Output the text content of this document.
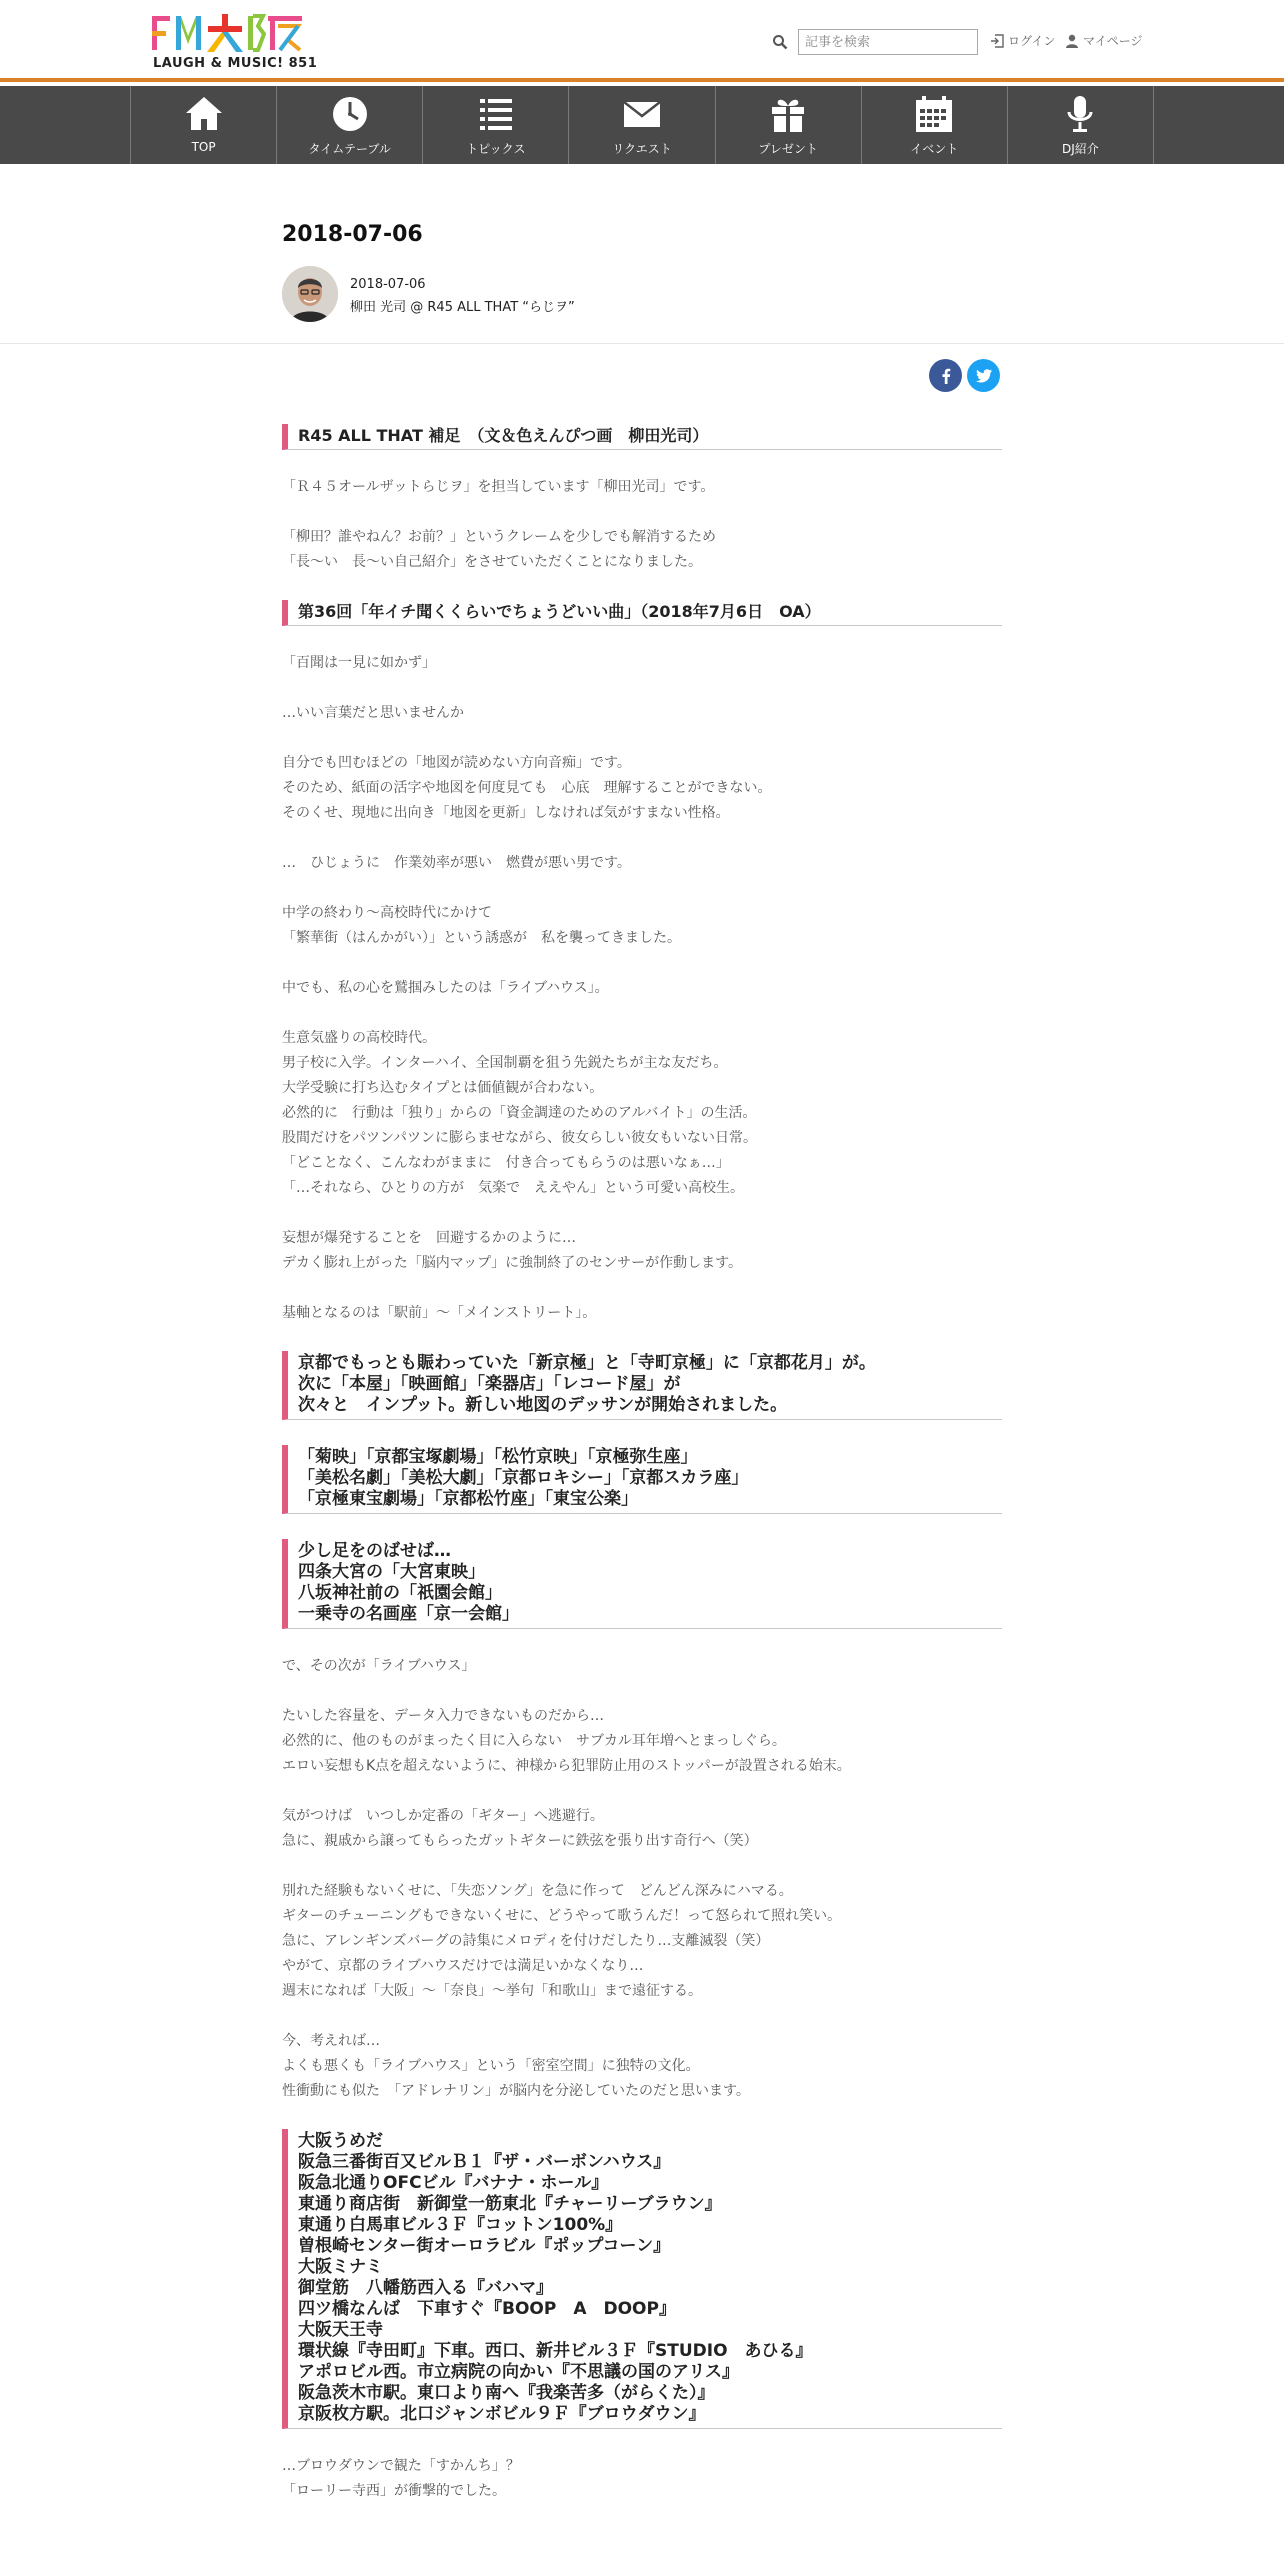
LAUGH & MUSIC! 851
記事を検索
ログイン マイページ
TOP	タイムテーブル	トピックス	リクエスト	プレゼント	イベント	DJ紹介
2018-07-06
2018-07-06
柳田 光司 @ R45 ALL THAT “らじヲ”
R45 ALL THAT 補足　（文＆色えんぴつ画　柳田光司）
「Ｒ４５オールザットらじヲ」を担当しています「柳田光司」です。
「柳田？誰やねん？お前？」というクレームを少しでも解消するため
「長～い　長～い自己紹介」をさせていただくことになりました。
第36回「年イチ聞くくらいでちょうどいい曲」（2018年7月6日　OA）
「百聞は一見に如かず」
…いい言葉だと思いませんか
自分でも凹むほどの「地図が読めない方向音痴」です。
そのため、紙面の活字や地図を何度見ても　心底　理解することができない。
そのくせ、現地に出向き「地図を更新」しなければ気がすまない性格。
…　ひじょうに　作業効率が悪い　燃費が悪い男です。
中学の終わり～高校時代にかけて
「繁華街（はんかがい）」という誘惑が　私を襲ってきました。
中でも、私の心を鷲掴みしたのは「ライブハウス」。
生意気盛りの高校時代。
男子校に入学。インターハイ、全国制覇を狙う先鋭たちが主な友だち。
大学受験に打ち込むタイプとは価値観が合わない。
必然的に　行動は「独り」からの「資金調達のためのアルバイト」の生活。
股間だけをパツンパツンに膨らませながら、彼女らしい彼女もいない日常。
「どことなく、こんなわがままに　付き合ってもらうのは悪いなぁ…」
「…それなら、ひとりの方が　気楽で　ええやん」という可愛い高校生。
妄想が爆発することを　回避するかのように…
デカく膨れ上がった「脳内マップ」に強制終了のセンサーが作動します。
基軸となるのは「駅前」～「メインストリート」。
京都でもっとも賑わっていた「新京極」と「寺町京極」に「京都花月」が。
次に「本屋」「映画館」「楽器店」「レコード屋」が
次々と　インプット。新しい地図のデッサンが開始されました。
「菊映」「京都宝塚劇場」「松竹京映」「京極弥生座」
「美松名劇」「美松大劇」「京都ロキシー」「京都スカラ座」
「京極東宝劇場」「京都松竹座」「東宝公楽」
少し足をのばせば…
四条大宮の「大宮東映」
八坂神社前の「祇園会館」
一乗寺の名画座「京一会館」
で、その次が「ライブハウス」
たいした容量を、データ入力できないものだから…
必然的に、他のものがまったく目に入らない　サブカル耳年増へとまっしぐら。
エロい妄想もK点を超えないように、神様から犯罪防止用のストッパーが設置される始末。
気がつけば　いつしか定番の「ギター」へ逃避行。
急に、親戚から譲ってもらったガットギターに鉄弦を張り出す奇行へ（笑）
別れた経験もないくせに、「失恋ソング」を急に作って　どんどん深みにハマる。
ギターのチューニングもできないくせに、どうやって歌うんだ！って怒られて照れ笑い。
急に、アレンギンズバーグの詩集にメロディを付けだしたり…支離滅裂（笑）
やがて、京都のライブハウスだけでは満足いかなくなり…
週末になれば「大阪」～「奈良」～挙句「和歌山」まで遠征する。
今、考えれば…
よくも悪くも「ライブハウス」という「密室空間」に独特の文化。
性衝動にも似た　「アドレナリン」が脳内を分泌していたのだと思います。
大阪うめだ
阪急三番街百又ビルＢ１『ザ・バーボンハウス』
阪急北通りOFCビル『バナナ・ホール』
東通り商店街　新御堂一筋東北『チャーリーブラウン』
東通り白馬車ビル３Ｆ『コットン100%』
曽根崎センター街オーロラビル『ポップコーン』
大阪ミナミ
御堂筋　八幡筋西入る『バハマ』
四ツ橋なんば　下車すぐ『BOOP　A　DOOP』
大阪天王寺
環状線『寺田町』下車。西口、新井ビル３Ｆ『STUDIO　あひる』
アポロビル西。市立病院の向かい『不思議の国のアリス』
阪急茨木市駅。東口より南へ『我楽苦多（がらくた）』
京阪枚方駅。北口ジャンボビル９Ｆ『ブロウダウン』
…ブロウダウンで観た「すかんち」？
「ローリー寺西」が衝撃的でした。
